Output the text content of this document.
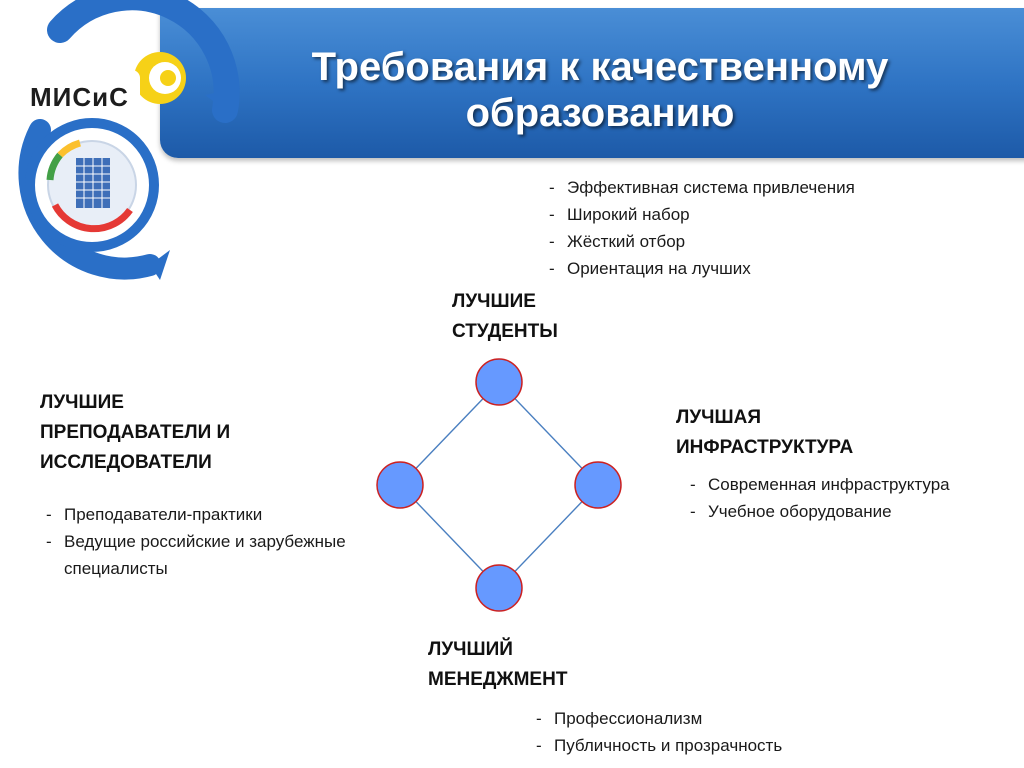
Требования к качественному
образованию
МИСиС
- Эффективная система привлечения
- Широкий набор
- Жёсткий отбор
- Ориентация на лучших
ЛУЧШИЕ
СТУДЕНТЫ
ЛУЧШИЕ
ПРЕПОДАВАТЕЛИ И
ИССЛЕДОВАТЕЛИ
- Преподаватели-практики
- Ведущие российские и зарубежные специалисты
ЛУЧШАЯ
ИНФРАСТРУКТУРА
- Современная инфраструктура
- Учебное оборудование
ЛУЧШИЙ
МЕНЕДЖМЕНТ
- Профессионализм
- Публичность и прозрачность
